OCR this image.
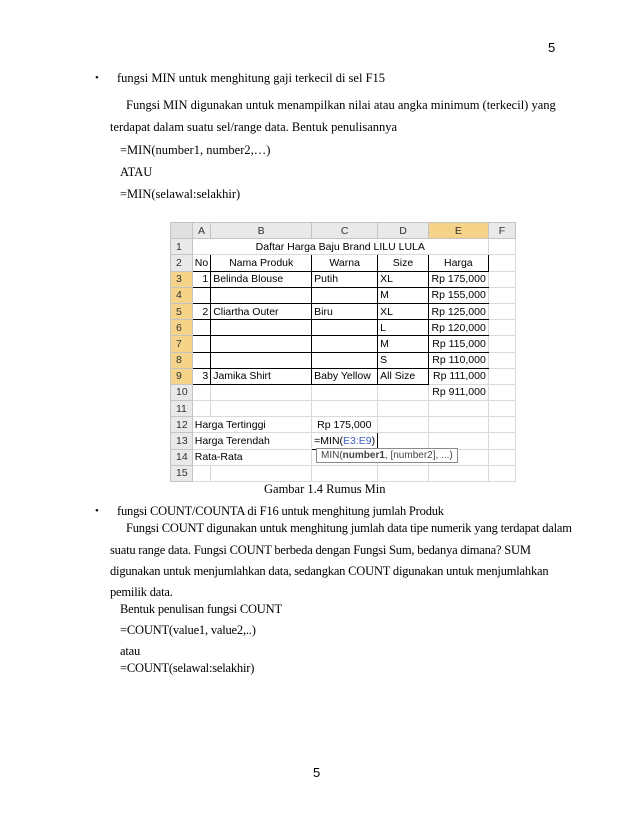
5
• fungsi MIN untuk menghitung gaji terkecil di sel F15
Fungsi MIN digunakan untuk menampilkan nilai atau angka minimum (terkecil) yang
terdapat dalam suatu sel/range data. Bentuk penulisannya
=MIN(number1, number2,…)
ATAU
=MIN(selawal:selakhir)
	A	B	C	D	E	F
1	Daftar Harga Baju Brand LILU LULA					
2	No	Nama Produk	Warna	Size	Harga	
3	1	Belinda Blouse	Putih	XL	Rp 175,000	
4				M	Rp 155,000	
5	2	Cliartha Outer	Biru	XL	Rp 125,000	
6				L	Rp 120,000	
7				M	Rp 115,000	
8				S	Rp 110,000	
9	3	Jamika Shirt	Baby Yellow	All Size	Rp 111,000	
10					Rp 911,000	
11						
12	Harga Tertinggi		Rp 175,000			
13	Harga Terendah		=MIN(E3:E9)			
14	Rata-Rata					
15						
MIN(number1, [number2], ...)
Gambar 1.4 Rumus Min
• fungsi COUNT/COUNTA di F16 untuk menghitung jumlah Produk
Fungsi COUNT digunakan untuk menghitung jumlah data tipe numerik yang terdapat dalam
suatu range data. Fungsi COUNT berbeda dengan Fungsi Sum, bedanya dimana? SUM
digunakan untuk menjumlahkan data, sedangkan COUNT digunakan untuk menjumlahkan
pemilik data.
Bentuk penulisan fungsi COUNT
=COUNT(value1, value2,..)
atau
=COUNT(selawal:selakhir)
5
